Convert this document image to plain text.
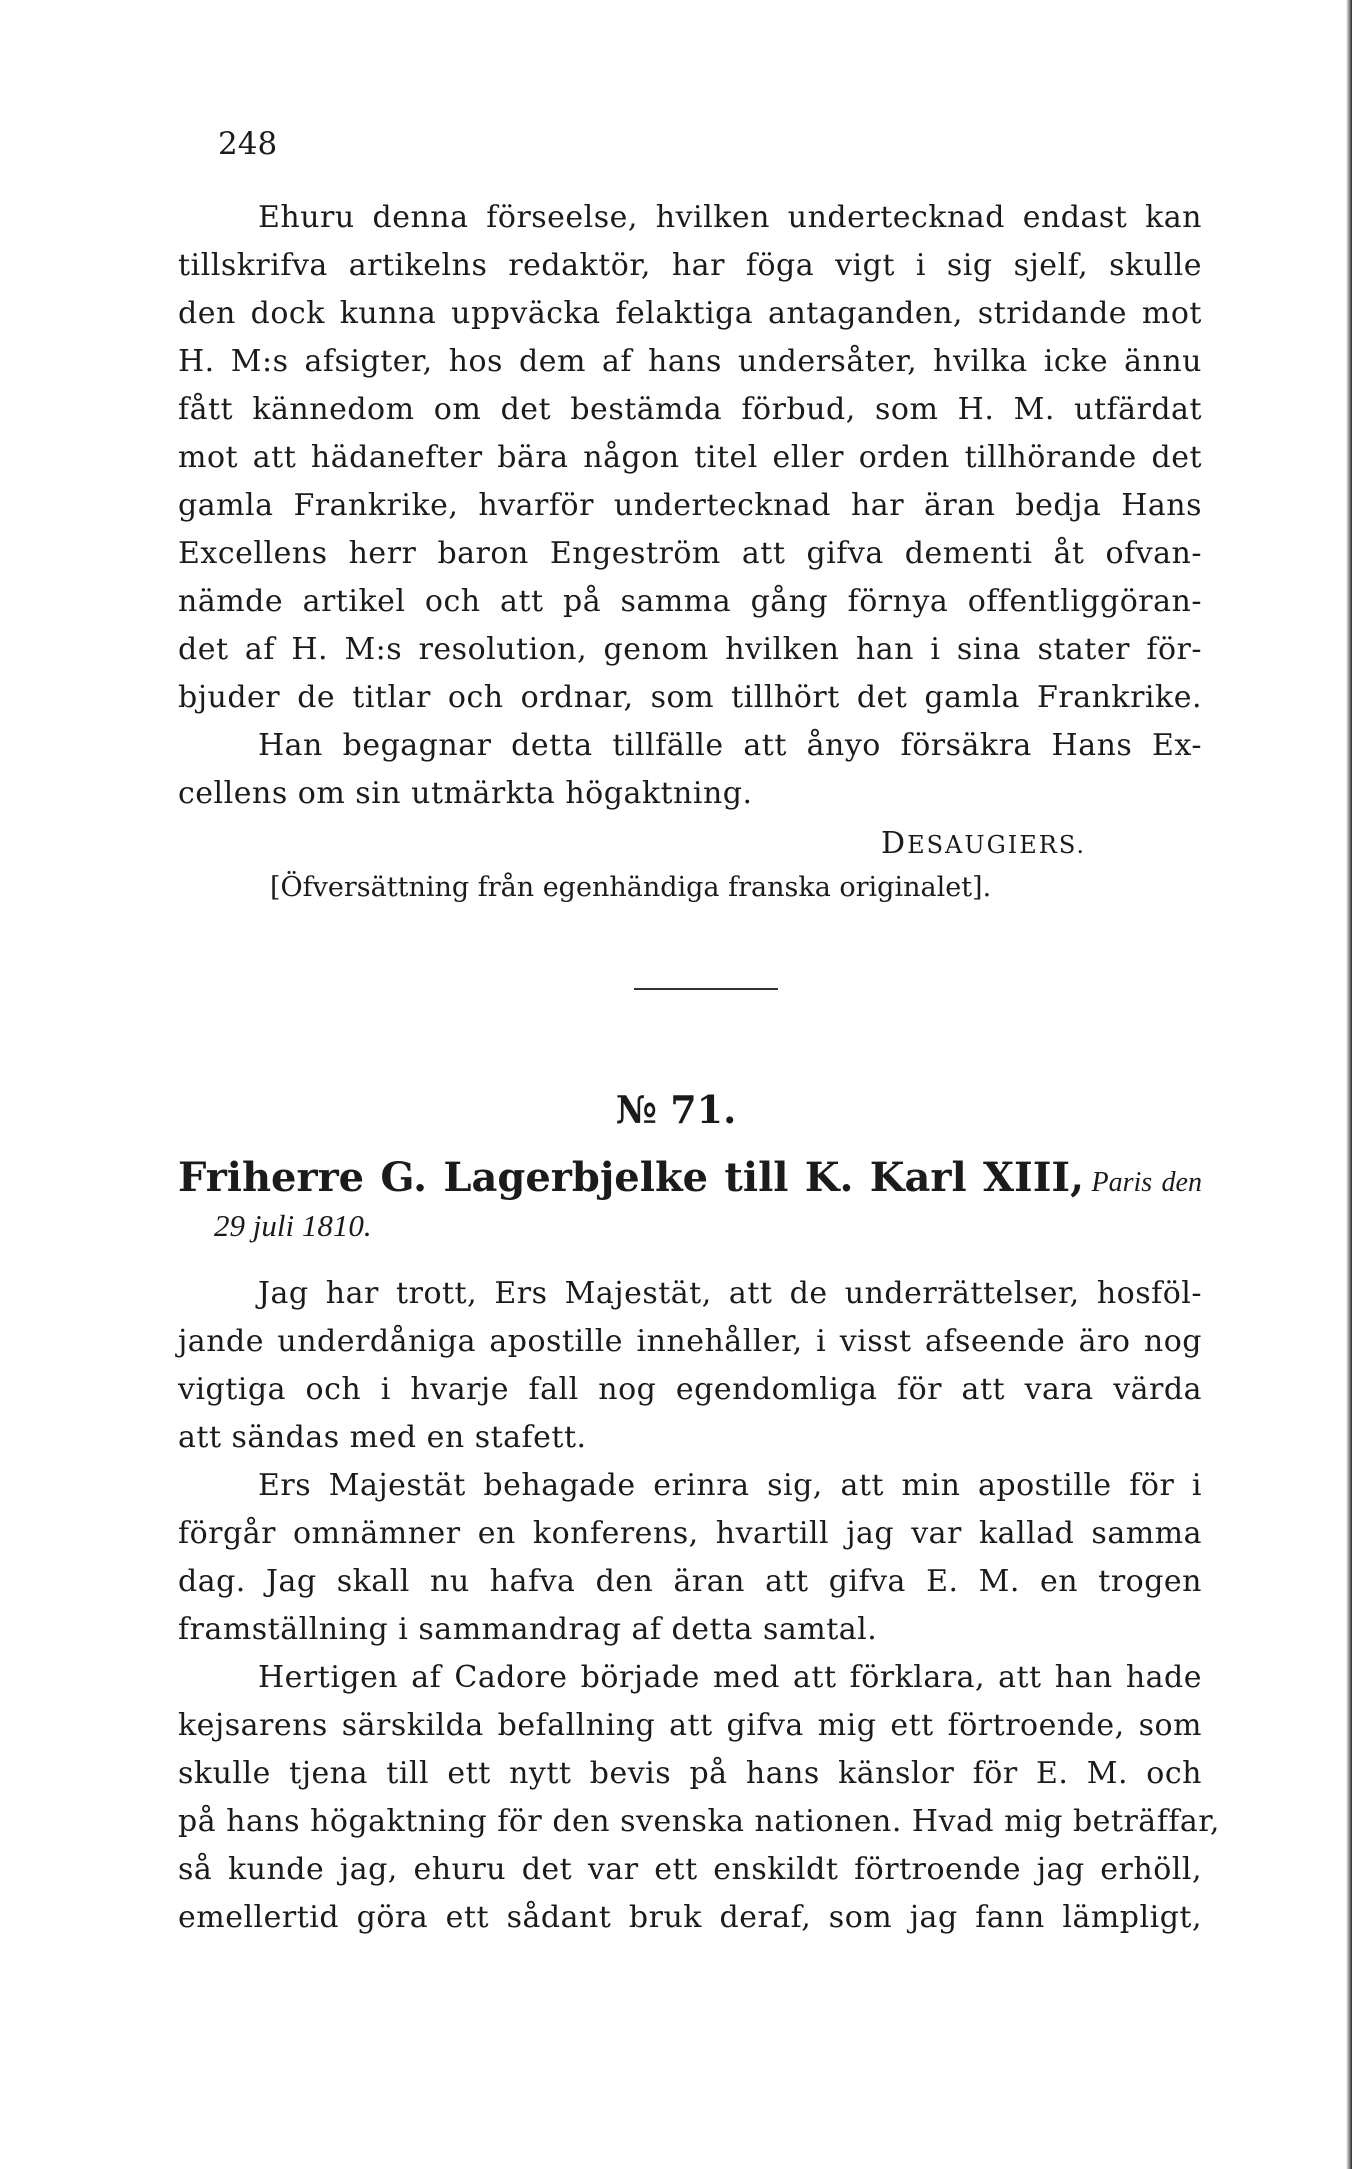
248
Ehuru denna förseelse, hvilken undertecknad endast kan
tillskrifva artikelns redaktör, har föga vigt i sig sjelf, skulle
den dock kunna uppväcka felaktiga antaganden, stridande mot
H. M:s afsigter, hos dem af hans undersåter, hvilka icke ännu
fått kännedom om det bestämda förbud, som H. M. utfärdat
mot att hädanefter bära någon titel eller orden tillhörande det
gamla Frankrike, hvarför undertecknad har äran bedja Hans
Excellens herr baron Engeström att gifva dementi åt ofvan-
nämde artikel och att på samma gång förnya offentliggöran-
det af H. M:s resolution, genom hvilken han i sina stater för-
bjuder de titlar och ordnar, som tillhört det gamla Frankrike.
Han begagnar detta tillfälle att ånyo försäkra Hans Ex-
cellens om sin utmärkta högaktning.
DESAUGIERS.
[Öfversättning från egenhändiga franska originalet].
№ 71.
Friherre G. Lagerbjelke till K. Karl XIII, Paris den
29 juli 1810.
Jag har trott, Ers Majestät, att de underrättelser, hosföl-
jande underdåniga apostille innehåller, i visst afseende äro nog
vigtiga och i hvarje fall nog egendomliga för att vara värda
att sändas med en stafett.
Ers Majestät behagade erinra sig, att min apostille för i
förgår omnämner en konferens, hvartill jag var kallad samma
dag. Jag skall nu hafva den äran att gifva E. M. en trogen
framställning i sammandrag af detta samtal.
Hertigen af Cadore började med att förklara, att han hade
kejsarens särskilda befallning att gifva mig ett förtroende, som
skulle tjena till ett nytt bevis på hans känslor för E. M. och
på hans högaktning för den svenska nationen. Hvad mig beträffar,
så kunde jag, ehuru det var ett enskildt förtroende jag erhöll,
emellertid göra ett sådant bruk deraf, som jag fann lämpligt,
